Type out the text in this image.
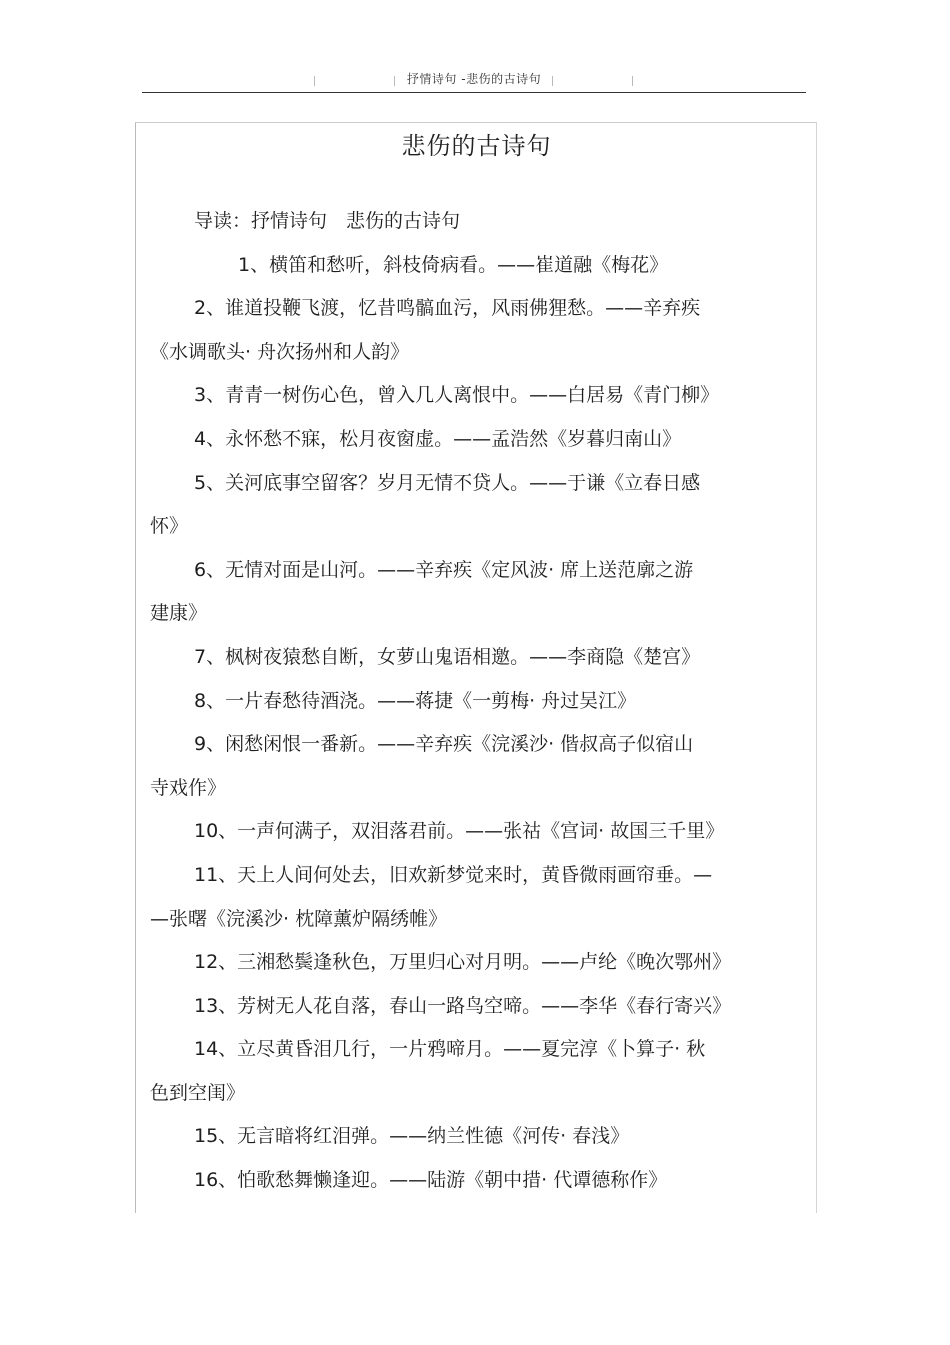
抒情诗句 -悲伤的古诗句
悲伤的古诗句
导读：抒情诗句　悲伤的古诗句
1、横笛和愁听，斜枝倚病看。——崔道融《梅花》
2、谁道投鞭飞渡，忆昔鸣髇血污，风雨佛狸愁。——辛弃疾
《水调歌头· 舟次扬州和人韵》
3、青青一树伤心色，曾入几人离恨中。——白居易《青门柳》
4、永怀愁不寐，松月夜窗虚。——孟浩然《岁暮归南山》
5、关河底事空留客？岁月无情不贷人。——于谦《立春日感
怀》
6、无情对面是山河。——辛弃疾《定风波· 席上送范廓之游
建康》
7、枫树夜猿愁自断，女萝山鬼语相邀。——李商隐《楚宫》
8、一片春愁待酒浇。——蒋捷《一剪梅· 舟过吴江》
9、闲愁闲恨一番新。——辛弃疾《浣溪沙· 偕叔高子似宿山
寺戏作》
10、一声何满子，双泪落君前。——张祜《宫词· 故国三千里》
11、天上人间何处去，旧欢新梦觉来时，黄昏微雨画帘垂。—
—张曙《浣溪沙· 枕障薰炉隔绣帷》
12、三湘愁鬓逢秋色，万里归心对月明。——卢纶《晚次鄂州》
13、芳树无人花自落，春山一路鸟空啼。——李华《春行寄兴》
14、立尽黄昏泪几行，一片鸦啼月。——夏完淳《卜算子· 秋
色到空闺》
15、无言暗将红泪弹。——纳兰性德《河传· 春浅》
16、怕歌愁舞懒逢迎。——陆游《朝中措· 代谭德称作》
